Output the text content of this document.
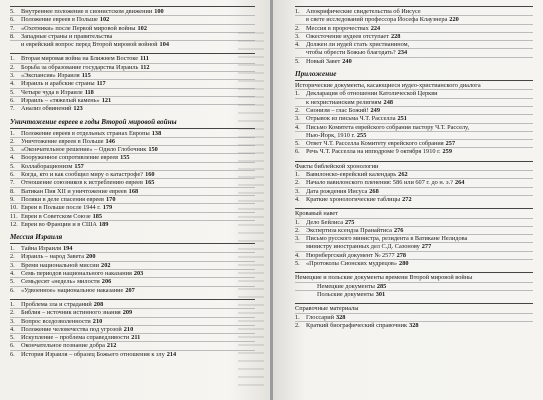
5. Внутреннее положение в сионистском движении 100
6. Положение евреев в Польше 102
7. «Охотники» после Первой мировой войны 102
8. Западные страны и правительства
и еврейский вопрос перед Второй мировой войной 104
1. Вторая мировая война на Ближнем Востоке 111
2. Борьба за образование государства Израиль 112
3. «Экспансия» Израиля 115
4. Израиль и арабские страны 117
5. Четыре чуда в Израиле 118
6. Израиль – «тяжелый камень» 121
7. Анализ обвинений 123
Уничтожение евреев в годы Второй мировой войны
1. Положение евреев в отдельных странах Европы 138
2. Уничтожение евреев в Польше 146
3. «Окончательное решение» – Одило Глобочник 150
4. Вооруженное сопротивление евреев 155
5. Коллаборационизм 157
6. Когда, кто и как сообщил миру о катастрофе? 160
7. Отношение союзников к истреблению евреев 165
8. Ватикан Пия XII и уничтожение евреев 168
9. Поляки в деле спасения евреев 170
10. Евреи в Польше после 1944 г. 179
11. Евреи в Советском Союзе 185
12. Евреи во Франции и в США 189
Мессия Израиля
1. Тайна Израиля 194
2. Израиль – народ Завета 200
3. Время национальной миссии 202
4. Семь периодов национального наказания 203
5. Семьдесят «недель» милости 206
6. «Удвоенное» национальное наказание 207
1. Проблема зла и страданий 208
2. Библия – источник истинного знания 209
3. Вопрос вседозволенности 210
4. Положение человечества под угрозой 210
5. Искупление – проблема справедливости 211
6. Окончательное познание добра 212
6. История Израиля – образец Божьего отношения к злу 214
1. Апокрифические свидетельства об Иисусе
в свете исследований профессора Йосефа Клаузнера 220
2. Мессия в пророчествах 224
3. Ожесточение иудеев отступает 228
4. Должен ли иудей стать христианином,
чтобы обрести Божью благодать? 234
5. Новый Завет 240
Приложение
Исторические документы, касающиеся иудео-христианского диалога
1. Декларация об отношении Католической Церкви
к нехристианским религиям 248
2. Сионизм – глас Божий! 249
3. Отрывок из письма Ч.Т. Расселла 251
4. Письмо Комитета еврейского собрания пастору Ч.Т. Расселу,
Нью-Йорк, 1910 г. 255
5. Ответ Ч.Т. Расселла Комитету еврейского собрания 257
6. Речь Ч.Т. Расселла на ипподроме 9 октября 1910 г. 259
Факты библейской хронологии
1. Вавилонско-еврейский календарь 262
2. Начало вавилонского пленения: 586 или 607 г. до н. э.? 264
3. Дата рождения Иисуса 268
4. Краткие хронологические таблицы 272
Кровавый навет
1. Дело Бейлиса 275
2. Экспертиза ксендза Пранайтиса 276
3. Письмо русского министра, резидента в Ватикане Нелидова
министру иностранных дел С.Д. Сазонову 277
4. Нюрнбергский документ № 2577 278
5. «Протоколы Сионских мудрецов» 280
Немецкие и польские документы времени Второй мировой войны
Немецкие документы 285
Польские документы 301
Справочные материалы
1. Глоссарий 328
2. Краткий биографический справочник 328
